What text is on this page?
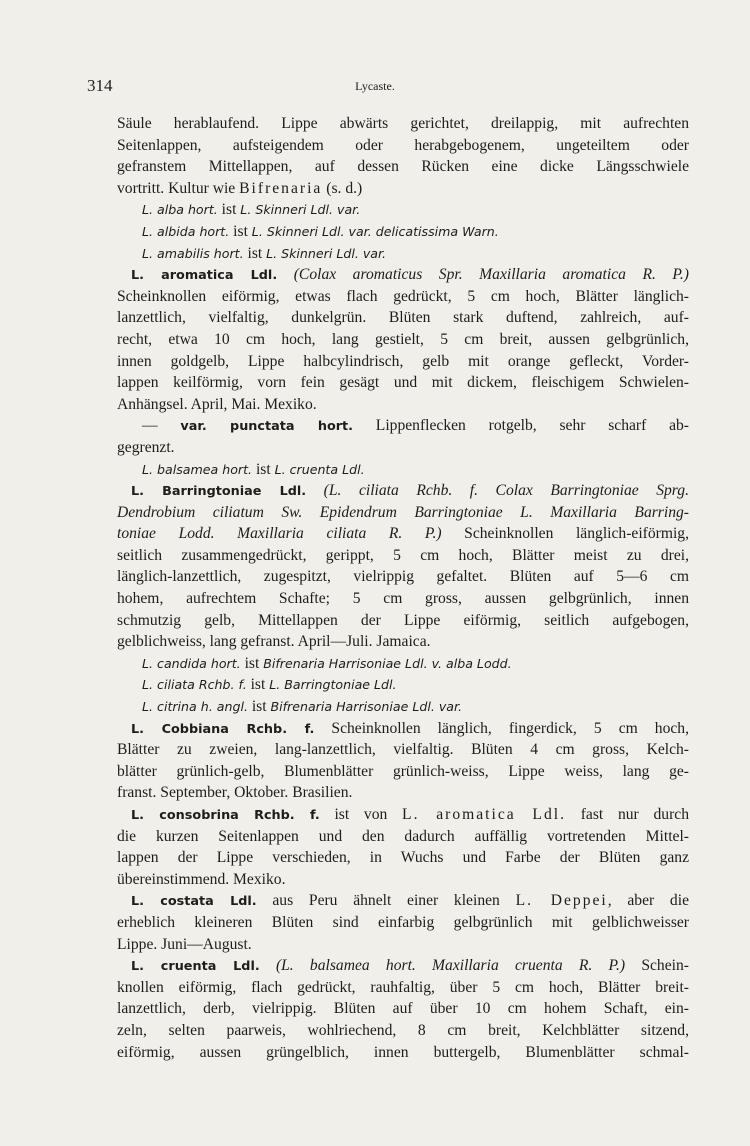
314	Lycaste.
Säule herablaufend. Lippe abwärts gerichtet, dreilappig, mit aufrechten
Seitenlappen, aufsteigendem oder herabgebogenem, ungeteiltem oder
gefranstem Mittellappen, auf dessen Rücken eine dicke Längsschwiele
vortritt. Kultur wie Bifrenaria (s. d.)
L. alba hort. ist L. Skinneri Ldl. var.
L. albida hort. ist L. Skinneri Ldl. var. delicatissima Warn.
L. amabilis hort. ist L. Skinneri Ldl. var.
L. aromatica Ldl. (Colax aromaticus Spr. Maxillaria aromatica R. P.)
Scheinknollen eiförmig, etwas flach gedrückt, 5 cm hoch, Blätter länglich-
lanzettlich, vielfaltig, dunkelgrün. Blüten stark duftend, zahlreich, auf-
recht, etwa 10 cm hoch, lang gestielt, 5 cm breit, aussen gelbgrünlich,
innen goldgelb, Lippe halbcylindrisch, gelb mit orange gefleckt, Vorder-
lappen keilförmig, vorn fein gesägt und mit dickem, fleischigem Schwielen-
Anhängsel. April, Mai. Mexiko.
— var. punctata hort. Lippenflecken rotgelb, sehr scharf ab-
gegrenzt.
L. balsamea hort. ist L. cruenta Ldl.
L. Barringtoniae Ldl. (L. ciliata Rchb. f. Colax Barringtoniae Sprg.
Dendrobium ciliatum Sw. Epidendrum Barringtoniae L. Maxillaria Barring-
toniae Lodd. Maxillaria ciliata R. P.) Scheinknollen länglich-eiförmig,
seitlich zusammengedrückt, gerippt, 5 cm hoch, Blätter meist zu drei,
länglich-lanzettlich, zugespitzt, vielrippig gefaltet. Blüten auf 5—6 cm
hohem, aufrechtem Schafte; 5 cm gross, aussen gelbgrünlich, innen
schmutzig gelb, Mittellappen der Lippe eiförmig, seitlich aufgebogen,
gelblichweiss, lang gefranst. April—Juli. Jamaica.
L. candida hort. ist Bifrenaria Harrisoniae Ldl. v. alba Lodd.
L. ciliata Rchb. f. ist L. Barringtoniae Ldl.
L. citrina h. angl. ist Bifrenaria Harrisoniae Ldl. var.
L. Cobbiana Rchb. f. Scheinknollen länglich, fingerdick, 5 cm hoch,
Blätter zu zweien, lang-lanzettlich, vielfaltig. Blüten 4 cm gross, Kelch-
blätter grünlich-gelb, Blumenblätter grünlich-weiss, Lippe weiss, lang ge-
franst. September, Oktober. Brasilien.
L. consobrina Rchb. f. ist von L. aromatica Ldl. fast nur durch
die kurzen Seitenlappen und den dadurch auffällig vortretenden Mittel-
lappen der Lippe verschieden, in Wuchs und Farbe der Blüten ganz
übereinstimmend. Mexiko.
L. costata Ldl. aus Peru ähnelt einer kleinen L. Deppei, aber die
erheblich kleineren Blüten sind einfarbig gelbgrünlich mit gelblichweisser
Lippe. Juni—August.
L. cruenta Ldl. (L. balsamea hort. Maxillaria cruenta R. P.) Schein-
knollen eiförmig, flach gedrückt, rauhfaltig, über 5 cm hoch, Blätter breit-
lanzettlich, derb, vielrippig. Blüten auf über 10 cm hohem Schaft, ein-
zeln, selten paarweis, wohlriechend, 8 cm breit, Kelchblätter sitzend,
eiförmig, aussen grüngelblich, innen buttergelb, Blumenblätter schmal-
